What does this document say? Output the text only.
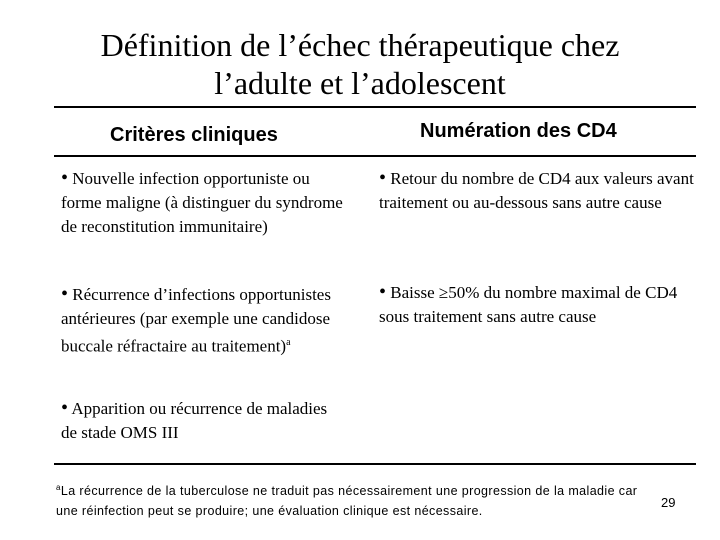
Définition de l’échec thérapeutique chez
l’adulte et l’adolescent
Critères cliniques	Numération des CD4
• Nouvelle infection opportuniste ou forme maligne (à distinguer du syndrome de reconstitution immunitaire)
• Récurrence d’infections opportunistes antérieures (par exemple une candidose buccale réfractaire au traitement)$^a$
• Apparition ou récurrence de maladies de stade OMS III
• Retour du nombre de CD4 aux valeurs avant traitement ou au-dessous sans autre cause
• Baisse ≥50% du nombre maximal de CD4 sous traitement sans autre cause
$^a$La récurrence de la tuberculose ne traduit pas nécessairement une progression de la maladie car une réinfection peut se produire; une évaluation clinique est nécessaire.
29
